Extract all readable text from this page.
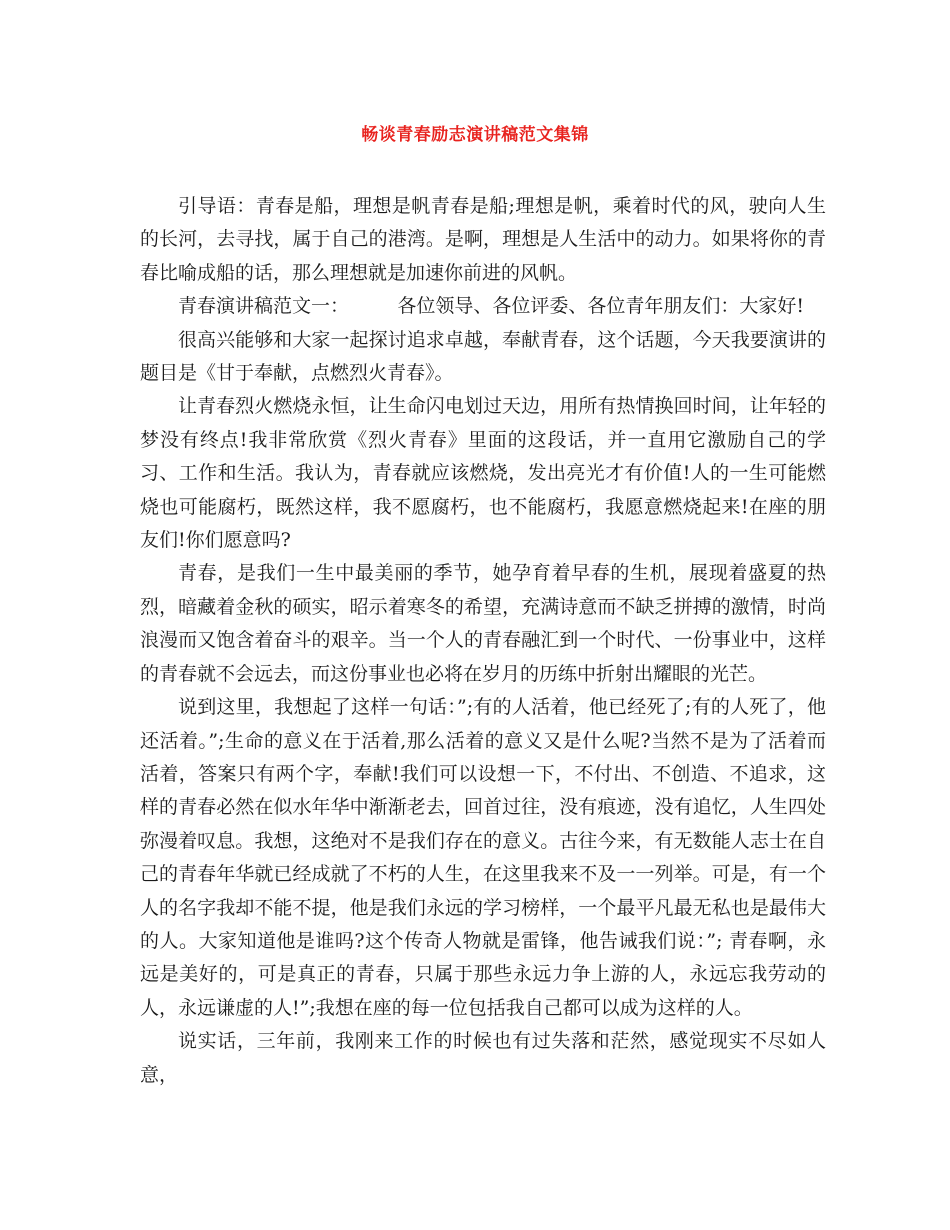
畅谈青春励志演讲稿范文集锦

引导语：青春是船，理想是帆青春是船;理想是帆，乘着时代的风，驶向人生的长河，去寻找，属于自己的港湾。是啊，理想是人生活中的动力。如果将你的青春比喻成船的话，那么理想就是加速你前进的风帆。

青春演讲稿范文一：        各位领导、各位评委、各位青年朋友们：大家好!

很高兴能够和大家一起探讨追求卓越，奉献青春，这个话题，今天我要演讲的题目是《甘于奉献，点燃烈火青春》。

让青春烈火燃烧永恒，让生命闪电划过天边，用所有热情换回时间，让年轻的梦没有终点!我非常欣赏《烈火青春》里面的这段话，并一直用它激励自己的学习、工作和生活。我认为，青春就应该燃烧，发出亮光才有价值!人的一生可能燃烧也可能腐朽，既然这样，我不愿腐朽，也不能腐朽，我愿意燃烧起来!在座的朋友们!你们愿意吗?

青春，是我们一生中最美丽的季节，她孕育着早春的生机，展现着盛夏的热烈，暗藏着金秋的硕实，昭示着寒冬的希望，充满诗意而不缺乏拼搏的激情，时尚浪漫而又饱含着奋斗的艰辛。当一个人的青春融汇到一个时代、一份事业中，这样的青春就不会远去，而这份事业也必将在岁月的历练中折射出耀眼的光芒。

说到这里，我想起了这样一句话：”;有的人活着，他已经死了;有的人死了，他还活着。”;生命的意义在于活着,那么活着的意义又是什么呢?当然不是为了活着而活着，答案只有两个字，奉献!我们可以设想一下，不付出、不创造、不追求，这样的青春必然在似水年华中渐渐老去，回首过往，没有痕迹，没有追忆，人生四处弥漫着叹息。我想，这绝对不是我们存在的意义。古往今来，有无数能人志士在自己的青春年华就已经成就了不朽的人生，在这里我来不及一一列举。可是，有一个人的名字我却不能不提，他是我们永远的学习榜样，一个最平凡最无私也是最伟大的人。大家知道他是谁吗?这个传奇人物就是雷锋，他告诫我们说：”; 青春啊，永远是美好的，可是真正的青春，只属于那些永远力争上游的人，永远忘我劳动的人，永远谦虚的人!”;我想在座的每一位包括我自己都可以成为这样的人。

说实话，三年前，我刚来工作的时候也有过失落和茫然，感觉现实不尽如人意，
